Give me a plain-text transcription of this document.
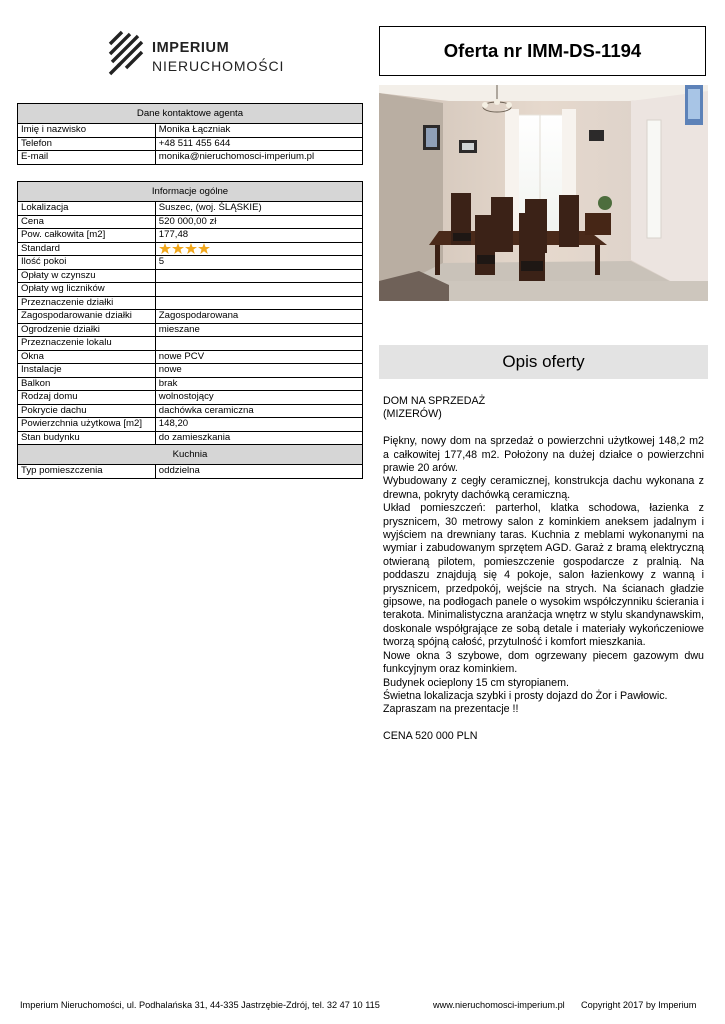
IMPERIUM
NIERUCHOMOŚCI
Oferta nr IMM-DS-1194
Dane kontaktowe agenta	
Imię i nazwisko	Monika Łączniak
Telefon	+48 511 455 644
E-mail	monika@nieruchomosci-imperium.pl
Informacje ogólne	
Lokalizacja	Suszec, (woj. ŚLĄSKIE)
Cena	520 000,00 zł
Pow. całkowita [m2]	177,48
Standard	

Ilość pokoi	5
Opłaty w czynszu	
Opłaty wg liczników	
Przeznaczenie działki	
Zagospodarowanie działki	Zagospodarowana
Ogrodzenie działki	mieszane
Przeznaczenie lokalu	
Okna	nowe PCV
Instalacje	nowe
Balkon	brak
Rodzaj domu	wolnostojący
Pokrycie dachu	dachówka ceramiczna
Powierzchnia użytkowa [m2]	148,20
Stan budynku	do zamieszkania
Kuchnia	
Typ pomieszczenia	oddzielna
Opis oferty

DOM NA SPRZEDAŻ

(MIZERÓW)

Piękny, nowy dom na sprzedaż o powierzchni użytkowej 148,2 m2 a całkowitej 177,48 m2. Położony na dużej działce o powierzchni prawie 20 arów.

Wybudowany z cegły ceramicznej, konstrukcja dachu wykonana z drewna, pokryty dachówką ceramiczną.

Układ pomieszczeń: parterhol, klatka schodowa, łazienka z prysznicem, 30 metrowy salon z kominkiem aneksem jadalnym i wyjściem na drewniany taras. Kuchnia z meblami wykonanymi na wymiar i zabudowanym sprzętem AGD. Garaż z bramą elektryczną otwieraną pilotem, pomieszczenie gospodarcze z pralnią. Na poddaszu znajdują się 4 pokoje, salon łazienkowy z wanną i prysznicem, przedpokój, wejście na strych. Na ścianach gładzie gipsowe, na podłogach panele o wysokim współczynniku ścierania i terakota. Minimalistyczna aranżacja wnętrz w stylu skandynawskim, doskonale współgrające ze sobą detale i materiały wykończeniowe tworzą spójną całość, przytulność i komfort mieszkania.

Nowe okna 3 szybowe, dom ogrzewany piecem gazowym dwu funkcyjnym oraz kominkiem.

Budynek ocieplony 15 cm styropianem.

Świetna lokalizacja szybki i prosty dojazd do Żor i Pawłowic.

Zapraszam na prezentacje !!

CENA 520 000 PLN

Imperium Nieruchomości, ul. Podhalańska 31, 44-335 Jastrzębie-Zdrój, tel. 32 47 10 115	www.nieruchomosci-imperium.pl Copyright 2017 by Imperium
